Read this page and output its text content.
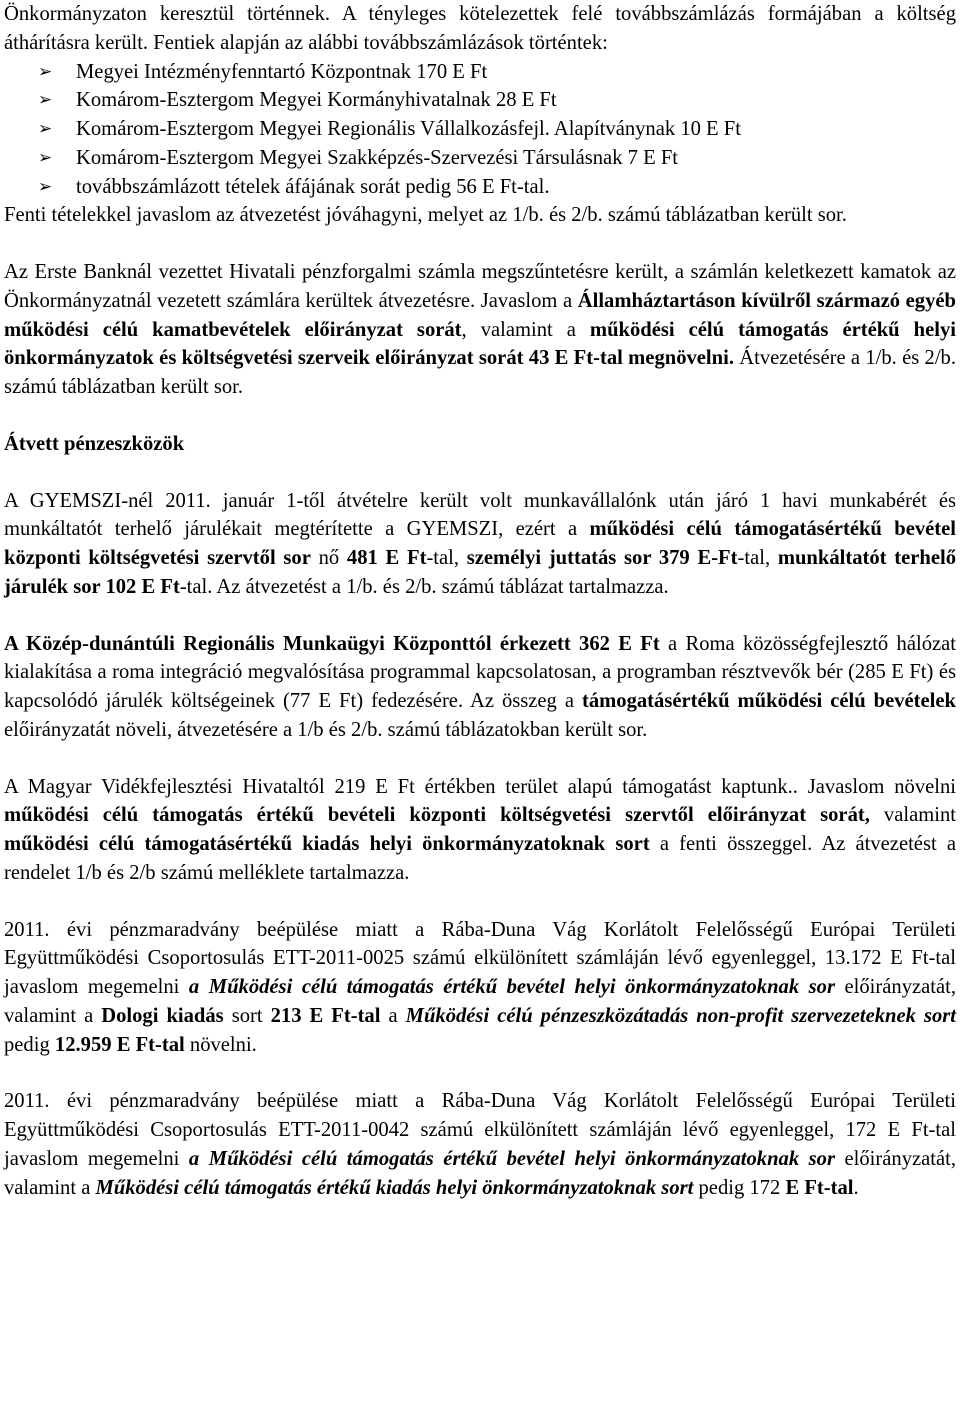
Önkormányzaton keresztül történnek. A tényleges kötelezettek felé továbbszámlázás formájában a költség áthárításra került. Fentiek alapján az alábbi továbbszámlázások történtek:

➢ Megyei Intézményfenntartó Központnak 170 E Ft
➢ Komárom-Esztergom Megyei Kormányhivatalnak 28 E Ft
➢ Komárom-Esztergom Megyei Regionális Vállalkozásfejl. Alapítványnak 10 E Ft
➢ Komárom-Esztergom Megyei Szakképzés-Szervezési Társulásnak 7 E Ft
➢ továbbszámlázott tételek áfájának sorát pedig 56 E Ft-tal.

Fenti tételekkel javaslom az átvezetést jóváhagyni, melyet az 1/b. és 2/b. számú táblázatban került sor.

Az Erste Banknál vezettet Hivatali pénzforgalmi számla megszűntetésre került, a számlán keletkezett kamatok az Önkormányzatnál vezetett számlára kerültek átvezetésre. Javaslom a Államháztartáson kívülről származó egyéb működési célú kamatbevételek előirányzat sorát, valamint a működési célú támogatás értékű helyi önkormányzatok és költségvetési szerveik előirányzat sorát 43 E Ft-tal megnövelni. Átvezetésére a 1/b. és 2/b. számú táblázatban került sor.

Átvett pénzeszközök

A GYEMSZI-nél 2011. január 1-től átvételre került volt munkavállalónk után járó 1 havi munkabérét és munkáltatót terhelő járulékait megtérítette a GYEMSZI, ezért a működési célú támogatásértékű bevétel központi költségvetési szervtől sor nő 481 E Ft-tal, személyi juttatás sor 379 E-Ft-tal, munkáltatót terhelő járulék sor 102 E Ft-tal. Az átvezetést a 1/b. és 2/b. számú táblázat tartalmazza.

A Közép-dunántúli Regionális Munkaügyi Központtól érkezett 362 E Ft a Roma közösségfejlesztő hálózat kialakítása a roma integráció megvalósítása programmal kapcsolatosan, a programban résztvevők bér (285 E Ft) és kapcsolódó járulék költségeinek (77 E Ft) fedezésére. Az összeg a támogatásértékű működési célú bevételek előirányzatát növeli, átvezetésére a 1/b és 2/b. számú táblázatokban került sor.

A Magyar Vidékfejlesztési Hivataltól 219 E Ft értékben terület alapú támogatást kaptunk.. Javaslom növelni működési célú támogatás értékű bevételi központi költségvetési szervtől előirányzat sorát, valamint működési célú támogatásértékű kiadás helyi önkormányzatoknak sort a fenti összeggel. Az átvezetést a rendelet 1/b és 2/b számú melléklete tartalmazza.

2011. évi pénzmaradvány beépülése miatt a Rába-Duna Vág Korlátolt Felelősségű Európai Területi Együttműködési Csoportosulás ETT-2011-0025 számú elkülönített számláján lévő egyenleggel, 13.172 E Ft-tal javaslom megemelni a Működési célú támogatás értékű bevétel helyi önkormányzatoknak sor előirányzatát, valamint a Dologi kiadás sort 213 E Ft-tal a Működési célú pénzeszközátadás non-profit szervezeteknek sort pedig 12.959 E Ft-tal növelni.

2011. évi pénzmaradvány beépülése miatt a Rába-Duna Vág Korlátolt Felelősségű Európai Területi Együttműködési Csoportosulás ETT-2011-0042 számú elkülönített számláján lévő egyenleggel, 172 E Ft-tal javaslom megemelni a Működési célú támogatás értékű bevétel helyi önkormányzatoknak sor előirányzatát, valamint a Működési célú támogatás értékű kiadás helyi önkormányzatoknak sort pedig 172 E Ft-tal.
